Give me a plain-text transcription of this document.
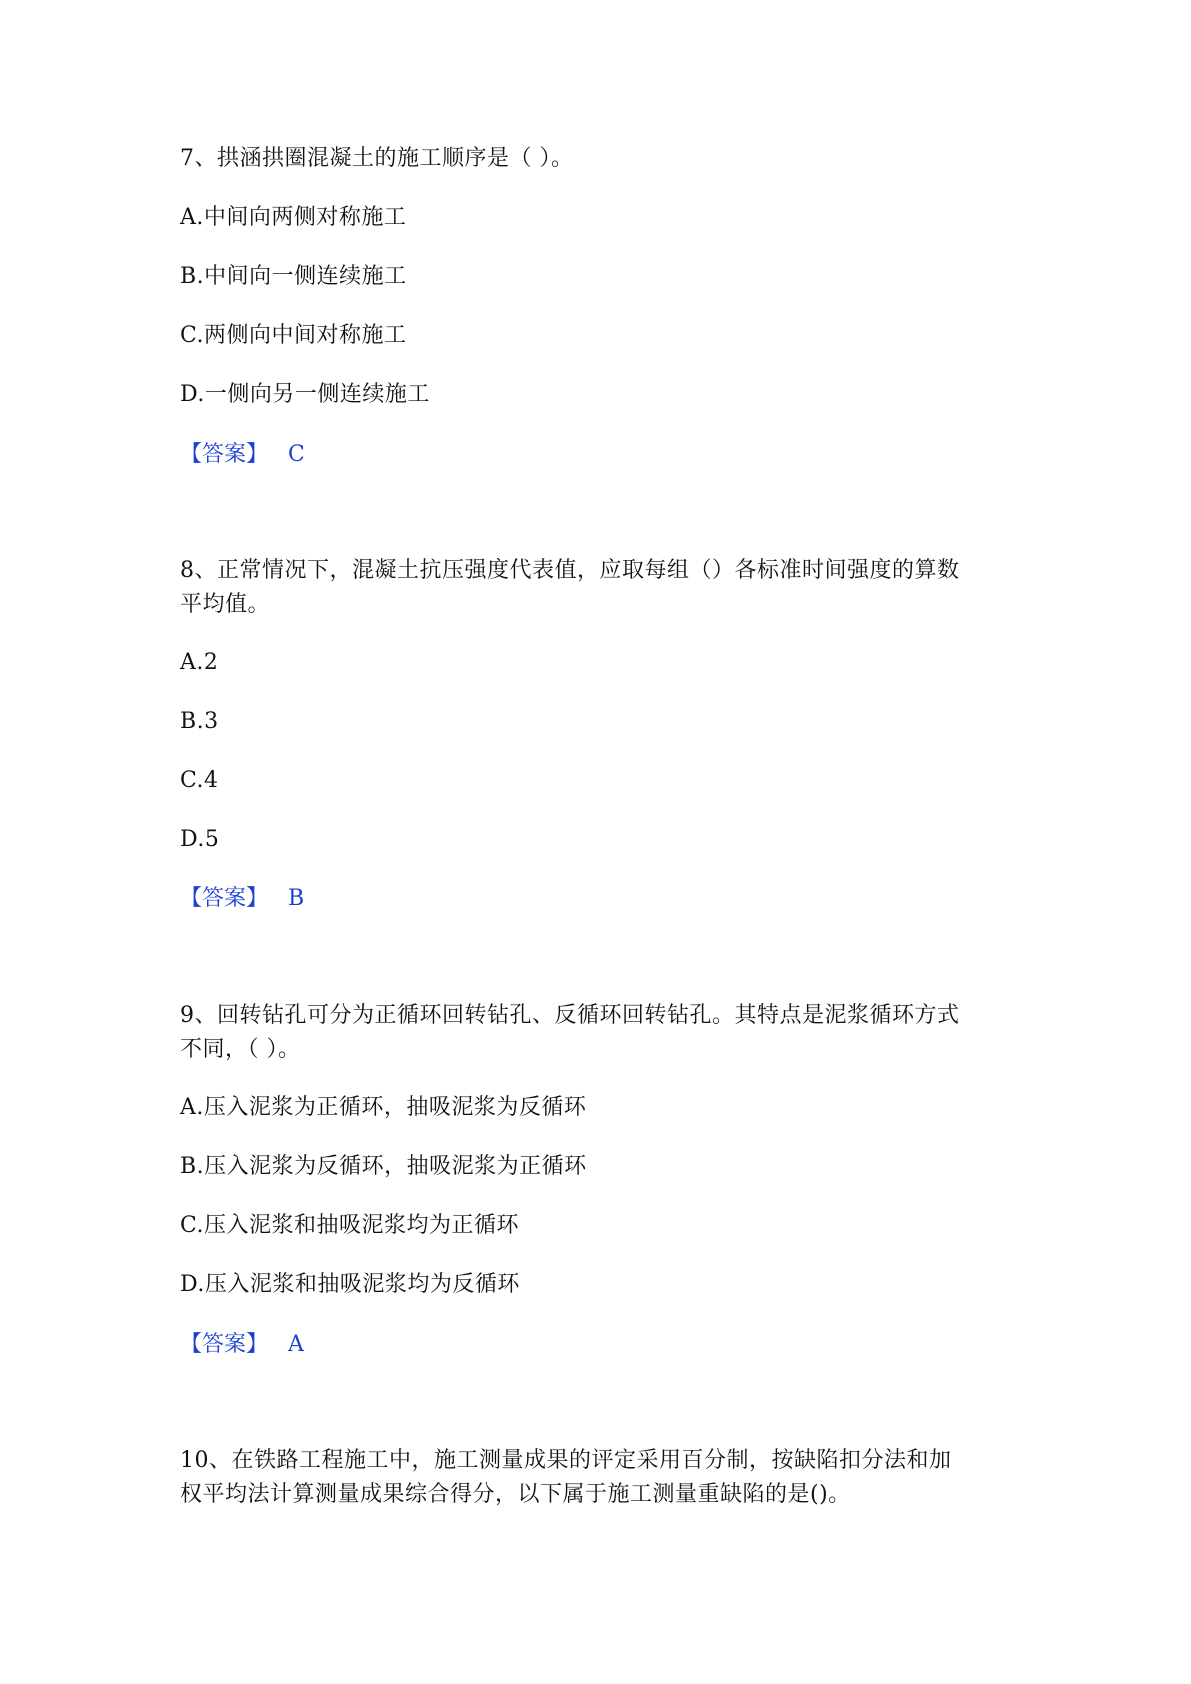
7、拱涵拱圈混凝土的施工顺序是（ ）。
A.中间向两侧对称施工
B.中间向一侧连续施工
C.两侧向中间对称施工
D.一侧向另一侧连续施工
【答案】 C
8、正常情况下，混凝土抗压强度代表值，应取每组（）各标准时间强度的算数
平均值。
A.2
B.3
C.4
D.5
【答案】 B
9、回转钻孔可分为正循环回转钻孔、反循环回转钻孔。其特点是泥浆循环方式
不同，（ ）。
A.压入泥浆为正循环，抽吸泥浆为反循环
B.压入泥浆为反循环，抽吸泥浆为正循环
C.压入泥浆和抽吸泥浆均为正循环
D.压入泥浆和抽吸泥浆均为反循环
【答案】 A
10、在铁路工程施工中，施工测量成果的评定采用百分制，按缺陷扣分法和加
权平均法计算测量成果综合得分，以下属于施工测量重缺陷的是()。
